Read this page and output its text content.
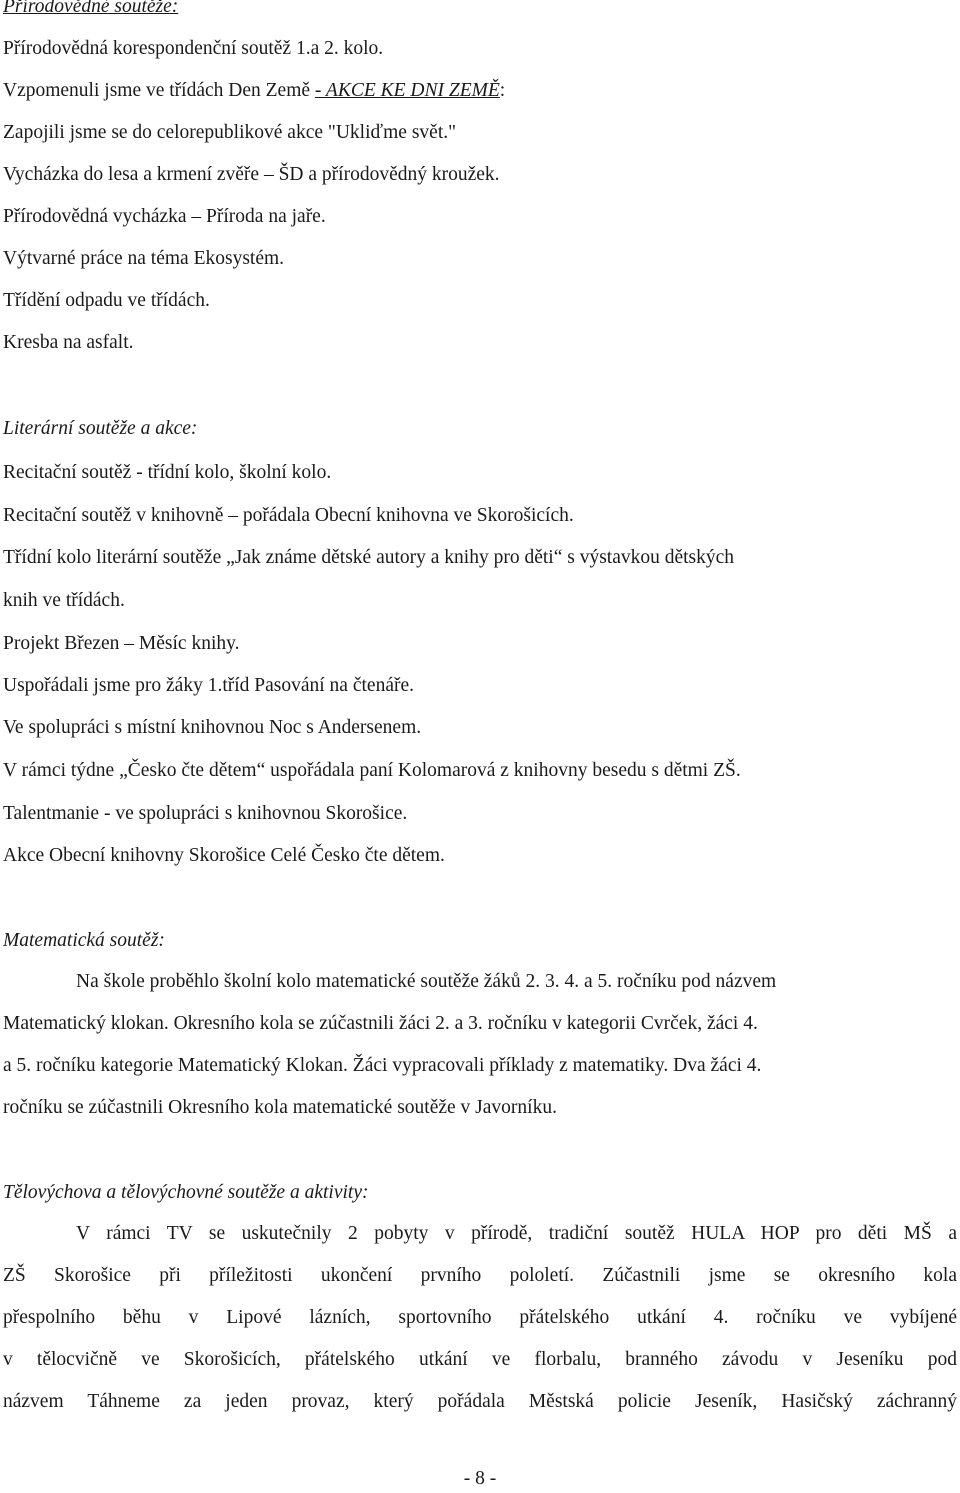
Přírodovědné soutěže:
Přírodovědná korespondenční soutěž 1.a 2. kolo.
Vzpomenuli jsme ve třídách Den Země - AKCE KE DNI ZEMĚ:
Zapojili jsme se do celorepublikové akce "Ukliďme svět."
Vycházka do lesa a krmení zvěře – ŠD a přírodovědný kroužek.
Přírodovědná vycházka – Příroda na jaře.
Výtvarné práce na téma Ekosystém.
Třídění odpadu ve třídách.
Kresba na asfalt.
Literární soutěže a akce:
Recitační soutěž - třídní kolo, školní kolo.
Recitační soutěž v knihovně – pořádala Obecní knihovna ve Skorošicích.
Třídní kolo literární soutěže „Jak známe dětské autory a knihy pro děti“ s výstavkou dětských
knih ve třídách.
Projekt Březen – Měsíc knihy.
Uspořádali jsme pro žáky 1.tříd Pasování na čtenáře.
Ve spolupráci s místní knihovnou Noc s Andersenem.
V rámci týdne „Česko čte dětem“ uspořádala paní Kolomarová z knihovny besedu s dětmi ZŠ.
Talentmanie - ve spolupráci s knihovnou Skorošice.
Akce Obecní knihovny Skorošice Celé Česko čte dětem.
Matematická soutěž:
Na škole proběhlo školní kolo matematické soutěže žáků 2. 3. 4. a 5. ročníku pod názvem
Matematický klokan. Okresního kola se zúčastnili žáci 2. a 3. ročníku v kategorii Cvrček, žáci 4.
a 5. ročníku kategorie Matematický Klokan. Žáci vypracovali příklady z matematiky. Dva žáci 4.
ročníku se zúčastnili Okresního kola matematické soutěže v Javorníku.
Tělovýchova a tělovýchovné soutěže a aktivity:
V rámci TV se uskutečnily 2 pobyty v přírodě, tradiční soutěž HULA HOP pro děti MŠ a
ZŠ Skorošice při příležitosti ukončení prvního pololetí. Zúčastnili jsme se okresního kola
přespolního běhu v Lipové lázních, sportovního přátelského utkání 4. ročníku ve vybíjené
v tělocvičně ve Skorošicích, přátelského utkání ve florbalu, branného závodu v Jeseníku pod
názvem Táhneme za jeden provaz, který pořádala Městská policie Jeseník, Hasičský záchranný
- 8 -
